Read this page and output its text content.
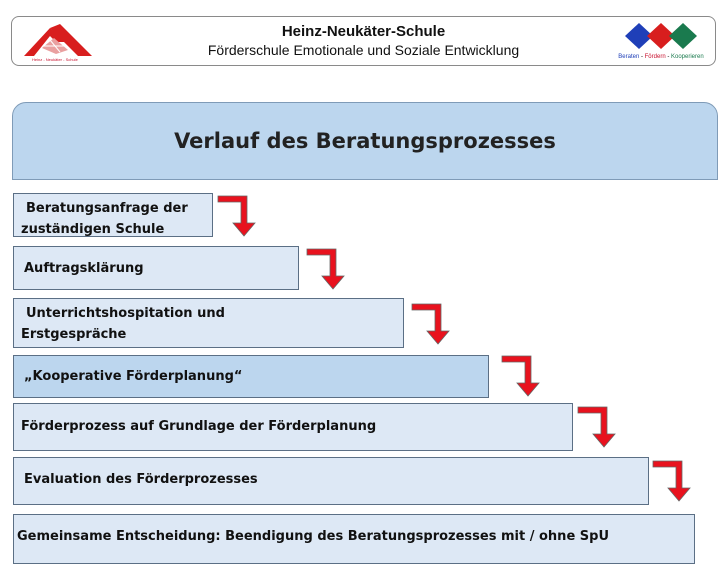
Heinz - Neukäter - Schule
Heinz-Neukäter-Schule
Förderschule Emotionale und Soziale Entwicklung	Beraten - Fördern - Kooperieren
Verlauf des Beratungsprozesses
Beratungsanfrage der
zuständigen Schule
Auftragsklärung
Unterrichtshospitation und
Erstgespräche
„Kooperative Förderplanung“
Förderprozess auf Grundlage der Förderplanung
Evaluation des Förderprozesses
Gemeinsame Entscheidung: Beendigung des Beratungsprozesses mit / ohne SpU
